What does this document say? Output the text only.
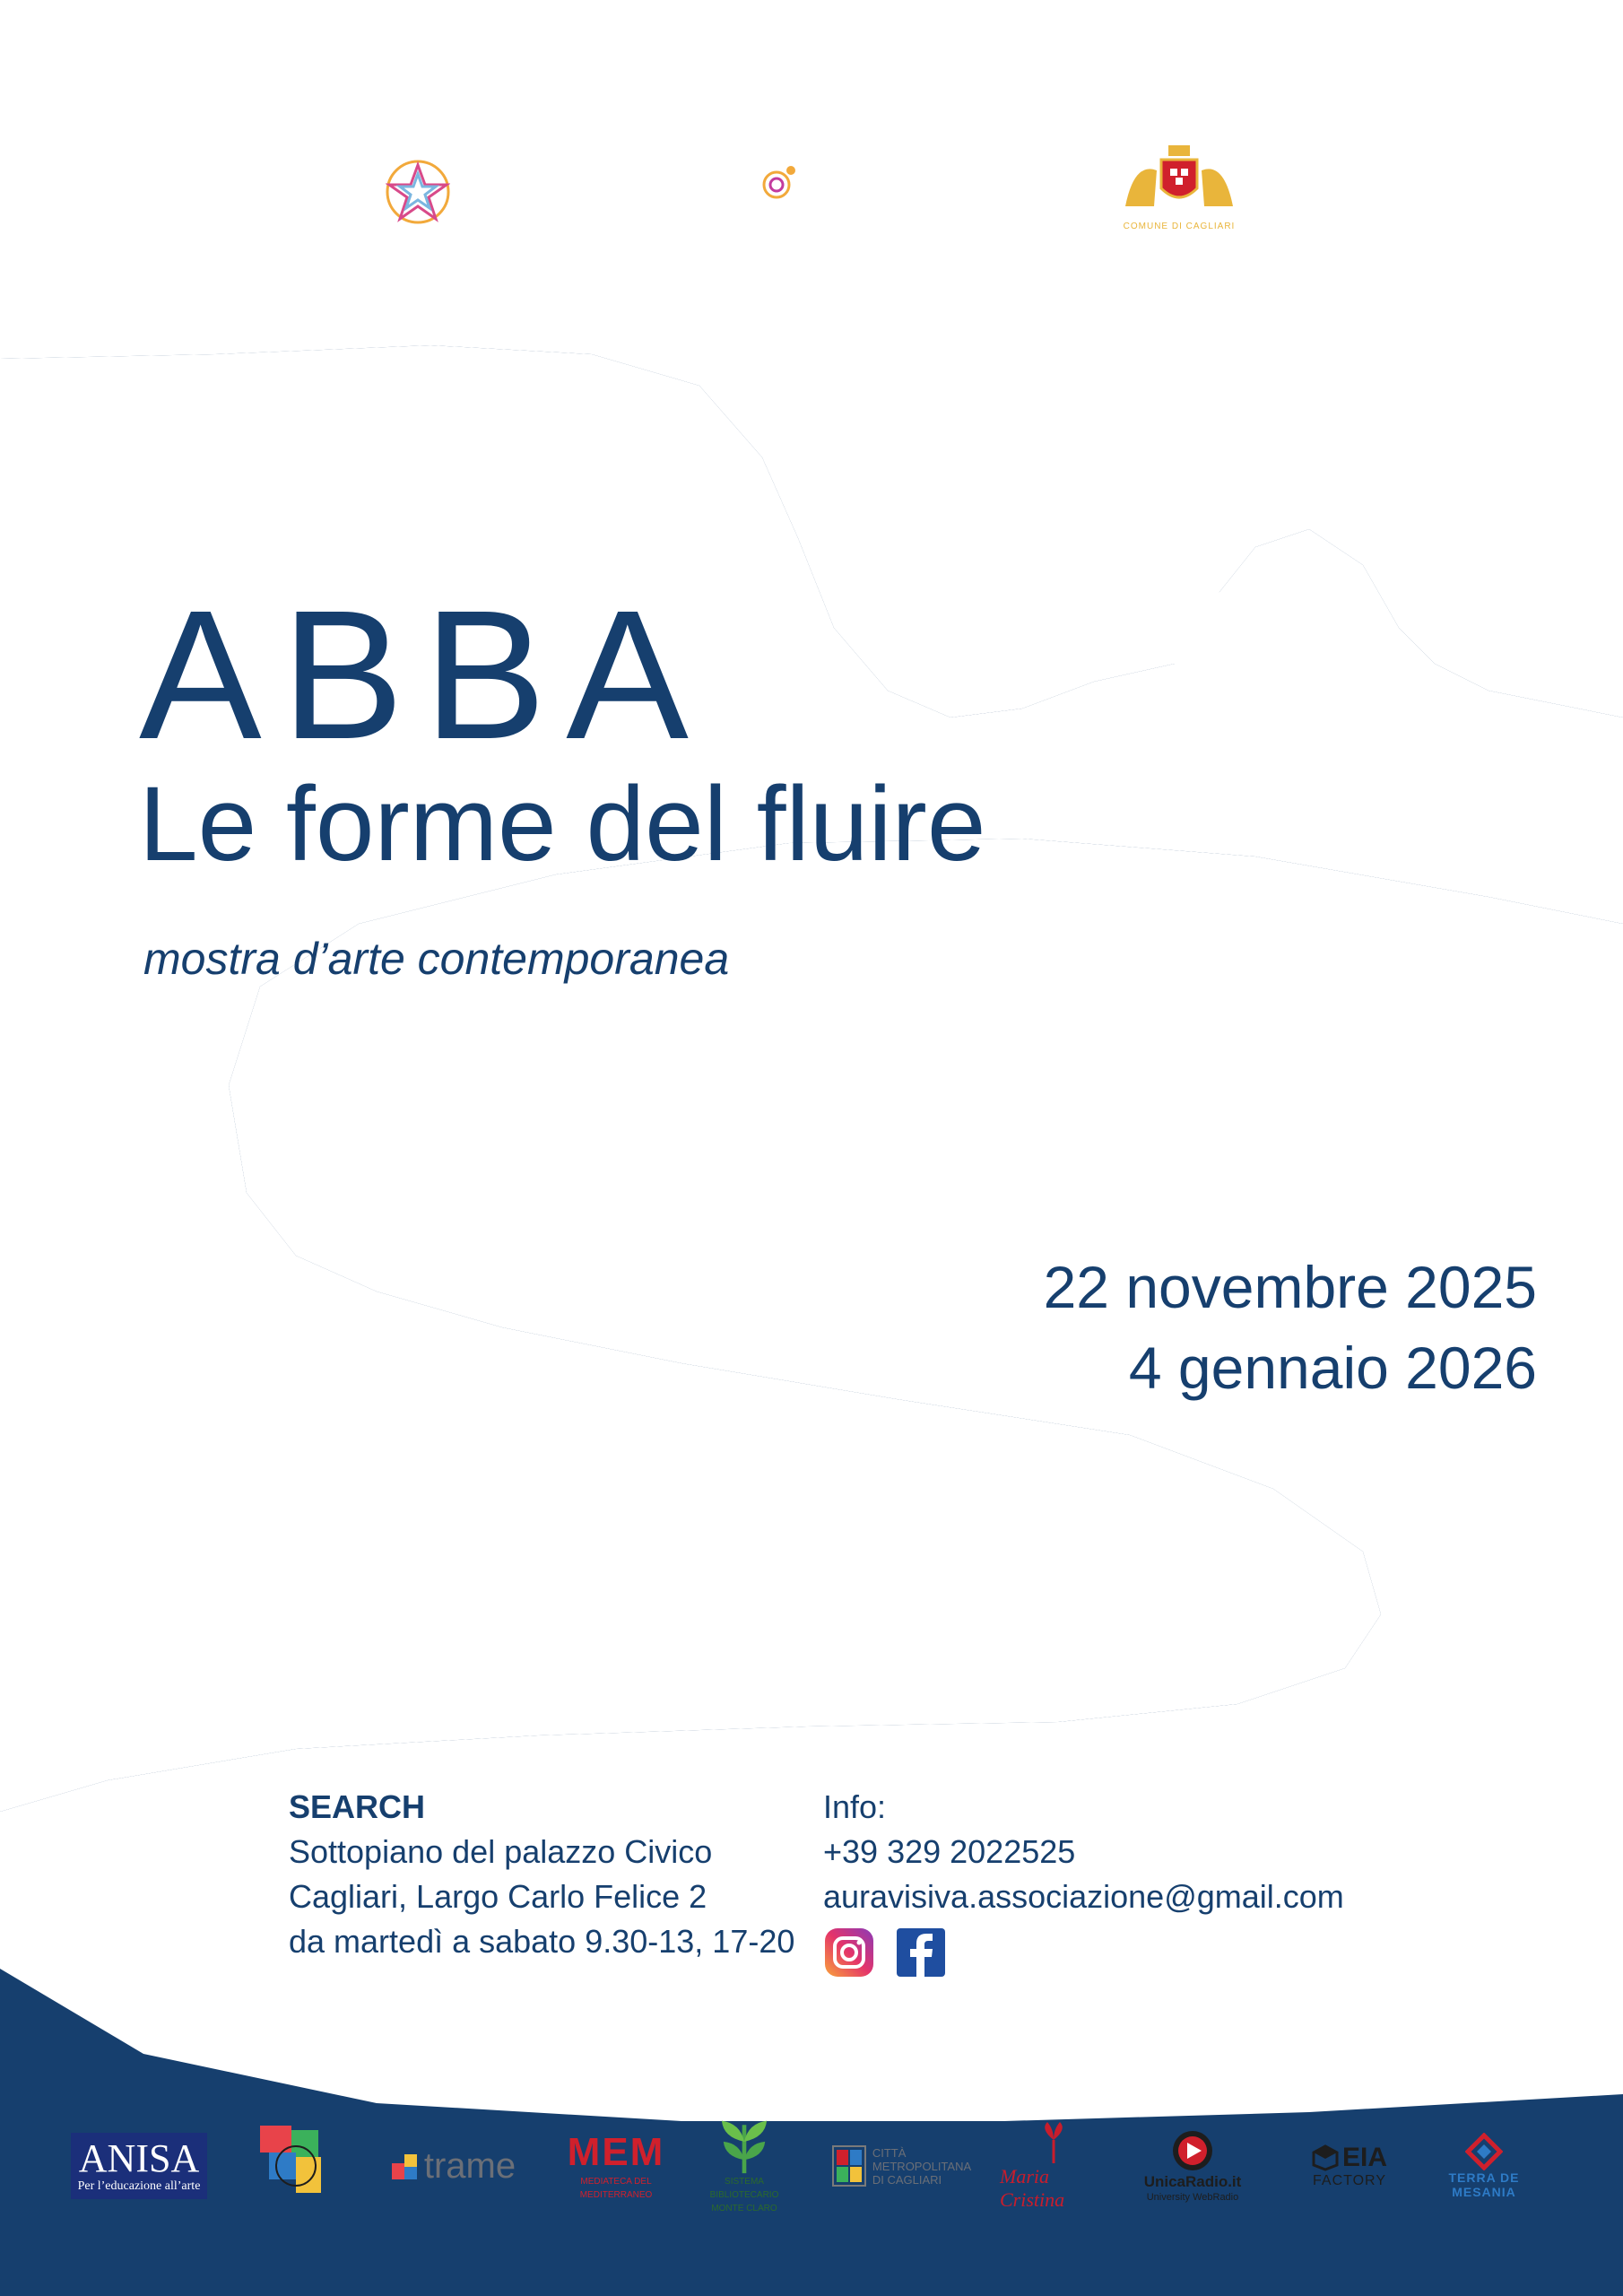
Con il contributo di	Organizzazione	Con il patrocinio del
Fondazione
di Sardegna
[auravisiva]
COMUNE DI CAGLIARI
ABBA
Le forme del fluire
mostra d’arte contemporanea
22 novembre 2025
4 gennaio 2026
Cagliari, SEARCH
SEARCH
Sottopiano del palazzo Civico
Cagliari, Largo Carlo Felice 2
da martedì a sabato 9.30-13, 17-20
Info:
+39 329 2022525
auravisiva.associazione@gmail.com
ANISA
Per l’educazione all’arte
trame MEM
MEDIATECA DEL MEDITERRANEO
SISTEMA BIBLIOTECARIO
MONTE CLARO
CITTÀ
METROPOLITANA
DI CAGLIARI	Maria Cristina
UnicaRadio.it
University WebRadio
EIA
FACTORY	TERRA DE
MESANIA
